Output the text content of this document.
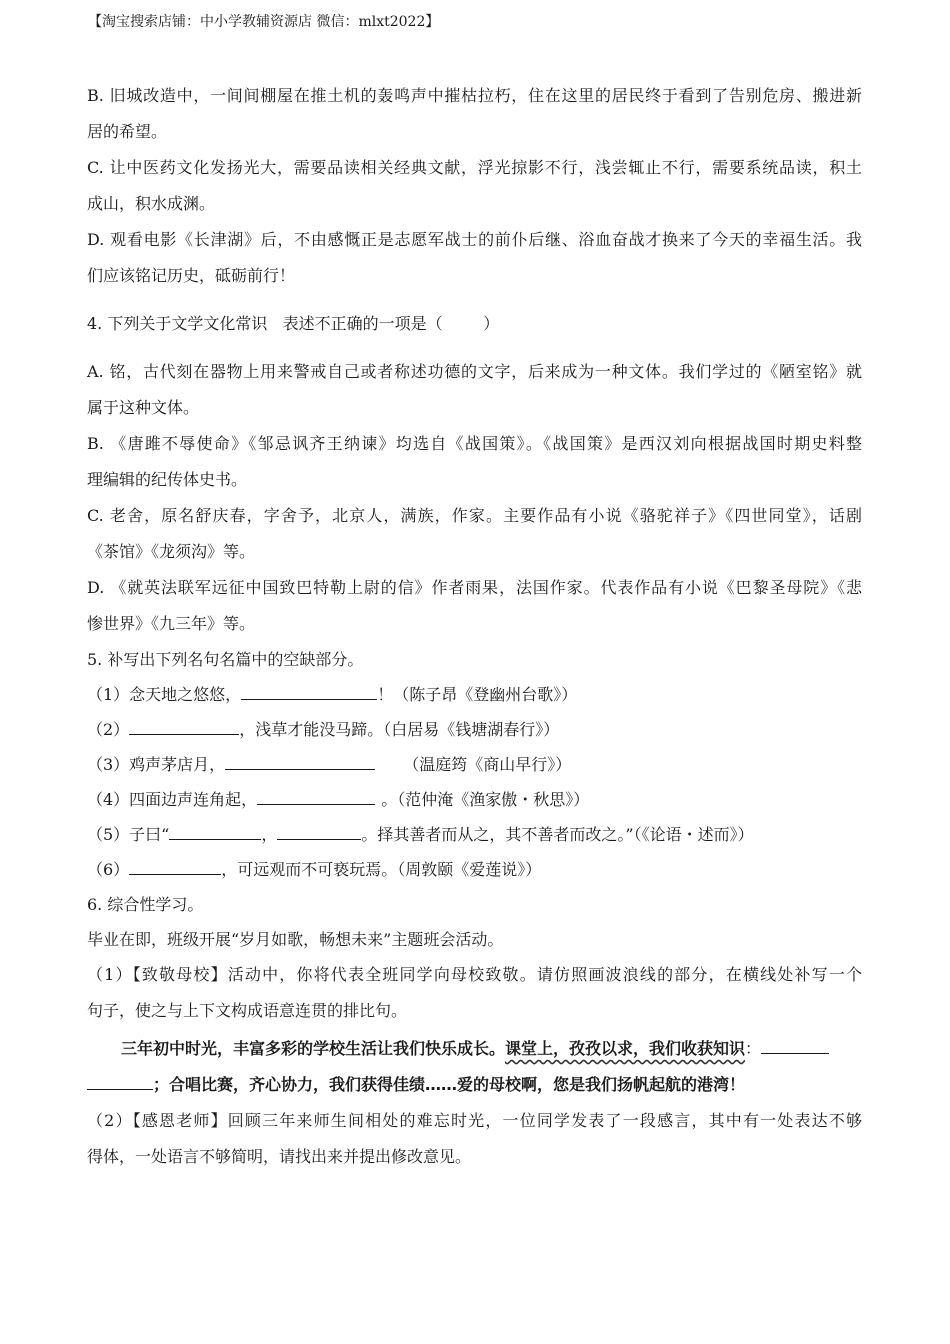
【淘宝搜索店铺：中小学教辅资源店 微信：mlxt2022】

B. 旧城改造中，一间间棚屋在推土机的轰鸣声中摧枯拉朽，住在这里的居民终于看到了告别危房、搬进新

居的希望。

C. 让中医药文化发扬光大，需要品读相关经典文献，浮光掠影不行，浅尝辄止不行，需要系统品读，积土

成山，积水成渊。

D. 观看电影《长津湖》后，不由感慨正是志愿军战士的前仆后继、浴血奋战才换来了今天的幸福生活。我

们应该铭记历史，砥砺前行！

4. 下列关于文学文化常识   表述不正确的一项是（        ）

A. 铭，古代刻在器物上用来警戒自己或者称述功德的文字，后来成为一种文体。我们学过的《陋室铭》就

属于这种文体。

B. 《唐雎不辱使命》《邹忌讽齐王纳谏》均选自《战国策》。《战国策》是西汉刘向根据战国时期史料整

理编辑的纪传体史书。

C. 老舍，原名舒庆春，字舍予，北京人，满族，作家。主要作品有小说《骆驼祥子》《四世同堂》，话剧

《茶馆》《龙须沟》等。

D. 《就英法联军远征中国致巴特勒上尉的信》作者雨果，法国作家。代表作品有小说《巴黎圣母院》《悲

惨世界》《九三年》等。

5. 补写出下列名句名篇中的空缺部分。

（1）念天地之悠悠，	！（陈子昂《登幽州台歌》）

（2）	，浅草才能没马蹄。（白居易《钱塘湖春行》）

（3）鸡声茅店月，	（温庭筠《商山早行》）

（4）四面边声连角起，	。（范仲淹《渔家傲・秋思》）

（5）子曰“	，	。择其善者而从之，其不善者而改之。”（《论语・述而》）

（6）	，可远观而不可亵玩焉。（周敦颐《爱莲说》）

6. 综合性学习。

毕业在即，班级开展“岁月如歌，畅想未来”主题班会活动。

（1）【致敬母校】活动中，你将代表全班同学向母校致敬。请仿照画波浪线的部分，在横线处补写一个

句子，使之与上下文构成语意连贯的排比句。

三年初中时光，丰富多彩的学校生活让我们快乐成长。课堂上，孜孜以求，我们收获知识：

；合唱比赛，齐心协力，我们获得佳绩……爱的母校啊，您是我们扬帆起航的港湾！

（2）【感恩老师】回顾三年来师生间相处的难忘时光，一位同学发表了一段感言，其中有一处表达不够

得体，一处语言不够简明，请找出来并提出修改意见。
